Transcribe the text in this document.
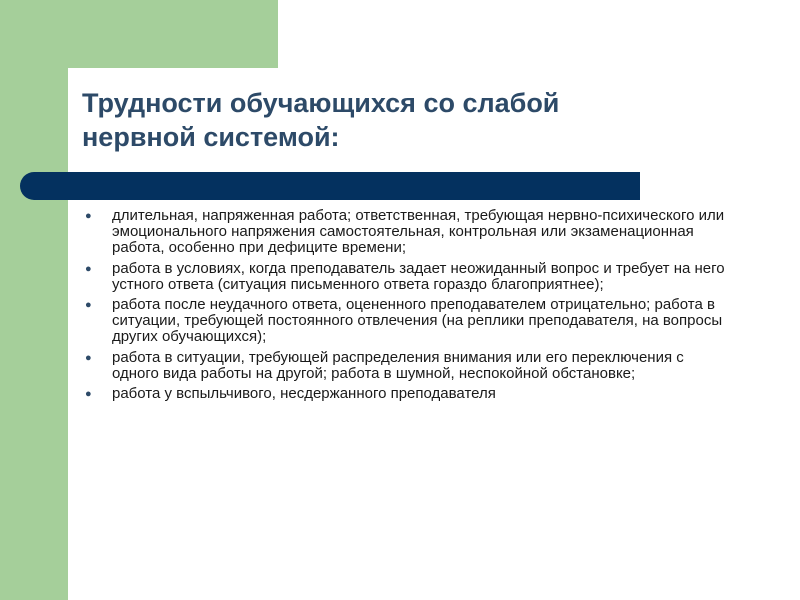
Трудности обучающихся со слабой
нервной системой:
● длительная, напряженная работа; ответственная, требующая нервно-психического или эмоционального напряжения самостоятельная, контрольная или экзаменационная работа, особенно при дефиците времени;
● работа в условиях, когда преподаватель задает неожиданный вопрос и требует на него устного ответа (ситуация письменного ответа гораздо благоприятнее);
● работа после неудачного ответа, оцененного преподавателем отрицательно; работа в ситуации, требующей постоянного отвлечения (на реплики преподавателя, на вопросы других обучающихся);
● работа в ситуации, требующей распределения внимания или его переключения с одного вида работы на другой; работа в шумной, неспокойной обстановке;
● работа у вспыльчивого, несдержанного преподавателя
